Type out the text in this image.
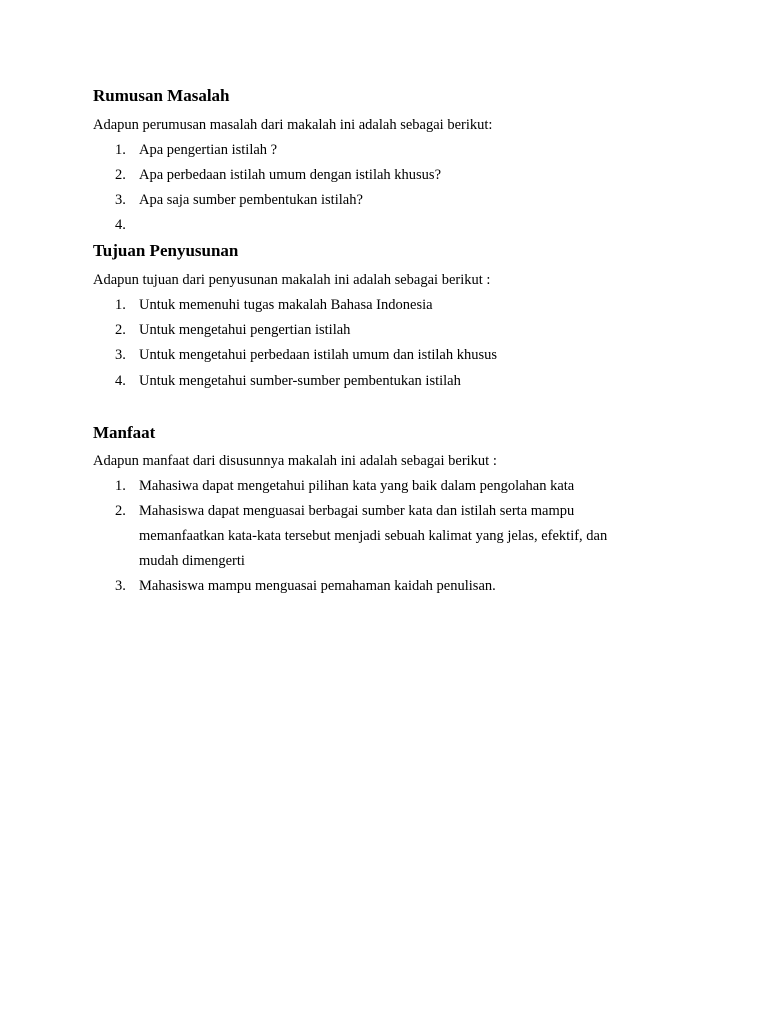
Rumusan Masalah

Adapun perumusan masalah dari makalah ini adalah sebagai berikut:

1. Apa pengertian istilah ?
2. Apa perbedaan istilah umum dengan istilah khusus?
3. Apa saja sumber pembentukan istilah?
4.
Tujuan Penyusunan

Adapun tujuan dari penyusunan makalah ini adalah sebagai berikut :

1. Untuk memenuhi tugas makalah Bahasa Indonesia
2. Untuk mengetahui pengertian istilah
3. Untuk mengetahui perbedaan istilah umum dan istilah khusus
4. Untuk mengetahui sumber-sumber pembentukan istilah
Manfaat

Adapun manfaat dari disusunnya makalah ini adalah sebagai berikut :

1. Mahasiwa dapat mengetahui pilihan kata yang baik dalam pengolahan kata
2. Mahasiswa dapat menguasai berbagai sumber kata dan istilah serta mampu
memanfaatkan kata-kata tersebut menjadi sebuah kalimat yang jelas, efektif, dan
mudah dimengerti
3. Mahasiswa mampu menguasai pemahaman kaidah penulisan.
